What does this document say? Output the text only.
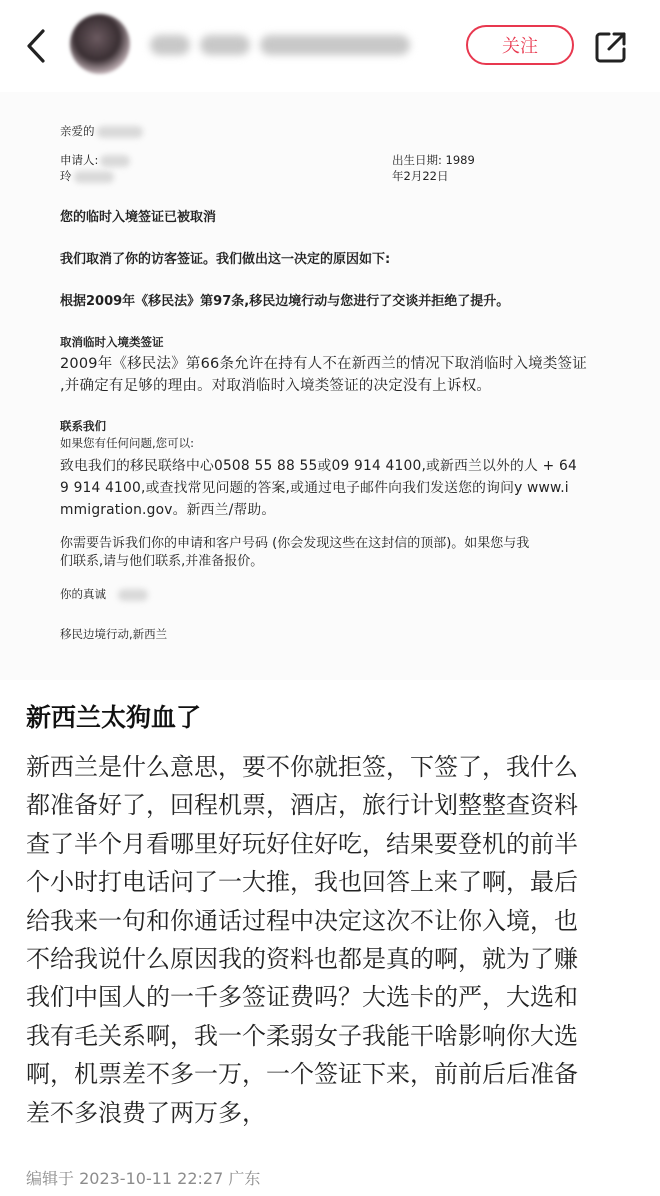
关注
亲爱的
申请人:
玲
出生日期: 1989
年2月22日
您的临时入境签证已被取消
我们取消了你的访客签证。我们做出这一决定的原因如下:
根据2009年《移民法》第97条,移民边境行动与您进行了交谈并拒绝了提升。
取消临时入境类签证
2009年《移民法》第66条允许在持有人不在新西兰的情况下取消临时入境类签证
,并确定有足够的理由。对取消临时入境类签证的决定没有上诉权。
联系我们
如果您有任何问题,您可以:
致电我们的移民联络中心0508 55 88 55或09 914 4100,或新西兰以外的人 + 64
9 914 4100,或查找常见问题的答案,或通过电子邮件向我们发送您的询问y www.i
mmigration.gov。新西兰/帮助。
你需要告诉我们你的申请和客户号码 (你会发现这些在这封信的顶部)。如果您与我
们联系,请与他们联系,并准备报价。
你的真诚
移民边境行动,新西兰
新西兰太狗血了
新西兰是什么意思，要不你就拒签，下签了，我什么
都准备好了，回程机票，酒店，旅行计划整整查资料
查了半个月看哪里好玩好住好吃，结果要登机的前半
个小时打电话问了一大推，我也回答上来了啊，最后
给我来一句和你通话过程中决定这次不让你入境，也
不给我说什么原因我的资料也都是真的啊，就为了赚
我们中国人的一千多签证费吗？大选卡的严，大选和
我有毛关系啊，我一个柔弱女子我能干啥影响你大选
啊，机票差不多一万，一个签证下来，前前后后准备
差不多浪费了两万多，
编辑于 2023-10-11 22:27 广东
